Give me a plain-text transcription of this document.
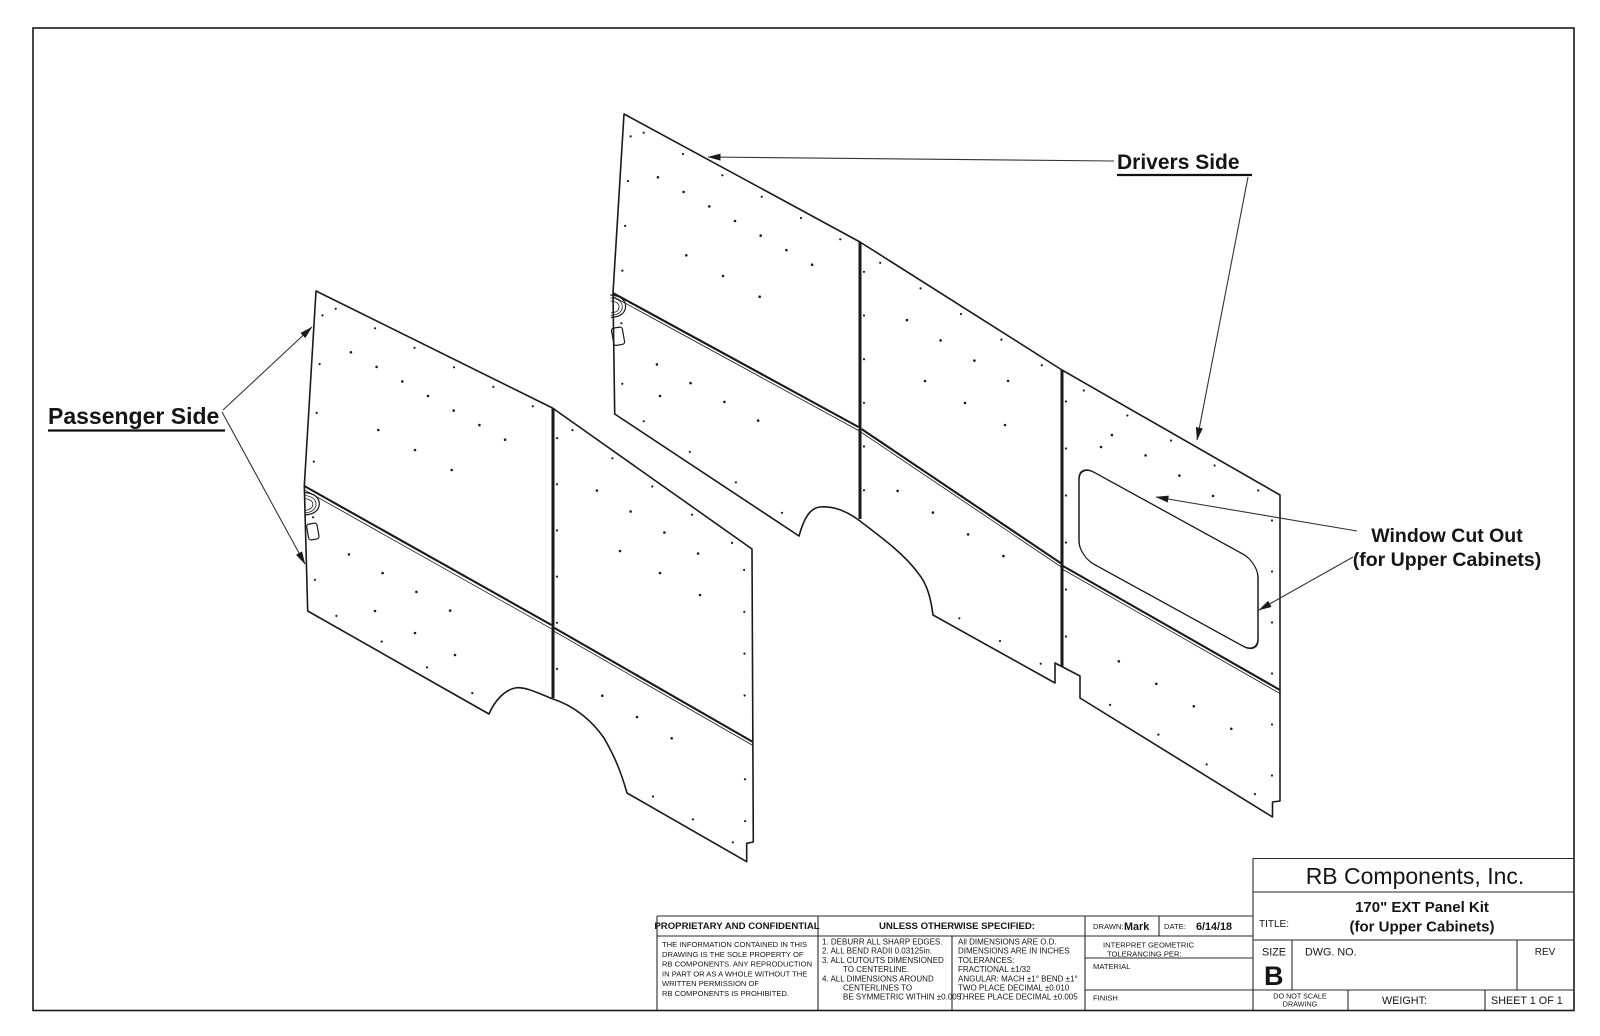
Passenger Side
Drivers Side
Window Cut Out
(for Upper Cabinets)
PROPRIETARY AND CONFIDENTIAL
THE INFORMATION CONTAINED IN THIS
DRAWING IS THE SOLE PROPERTY OF
RB COMPONENTS. ANY REPRODUCTION
IN PART OR AS A WHOLE WITHOUT THE
WRITTEN PERMISSION OF
RB COMPONENTS IS PROHIBITED.
UNLESS OTHERWISE SPECIFIED:
1. DEBURR ALL SHARP EDGES.
2. ALL BEND RADII 0.03125in.
3. ALL CUTOUTS DIMENSIONED
TO CENTERLINE.
4. ALL DIMENSIONS AROUND
CENTERLINES TO
BE SYMMETRIC WITHIN ±0.005.
All DIMENSIONS ARE O.D.
DIMENSIONS ARE IN INCHES
TOLERANCES:
FRACTIONAL ±1/32
ANGULAR: MACH ±1° BEND ±1°
TWO PLACE DECIMAL ±0.010
THREE PLACE DECIMAL ±0.005
DRAWN: Mark DATE: 6/14/18
INTERPRET GEOMETRIC
TOLERANCING PER:
MATERIAL
FINISH
RB Components, Inc.
TITLE:
170" EXT Panel Kit
(for Upper Cabinets)
SIZE DWG. NO.	REV
B
DO NOT SCALE
DRAWING	WEIGHT:	SHEET 1 OF 1
